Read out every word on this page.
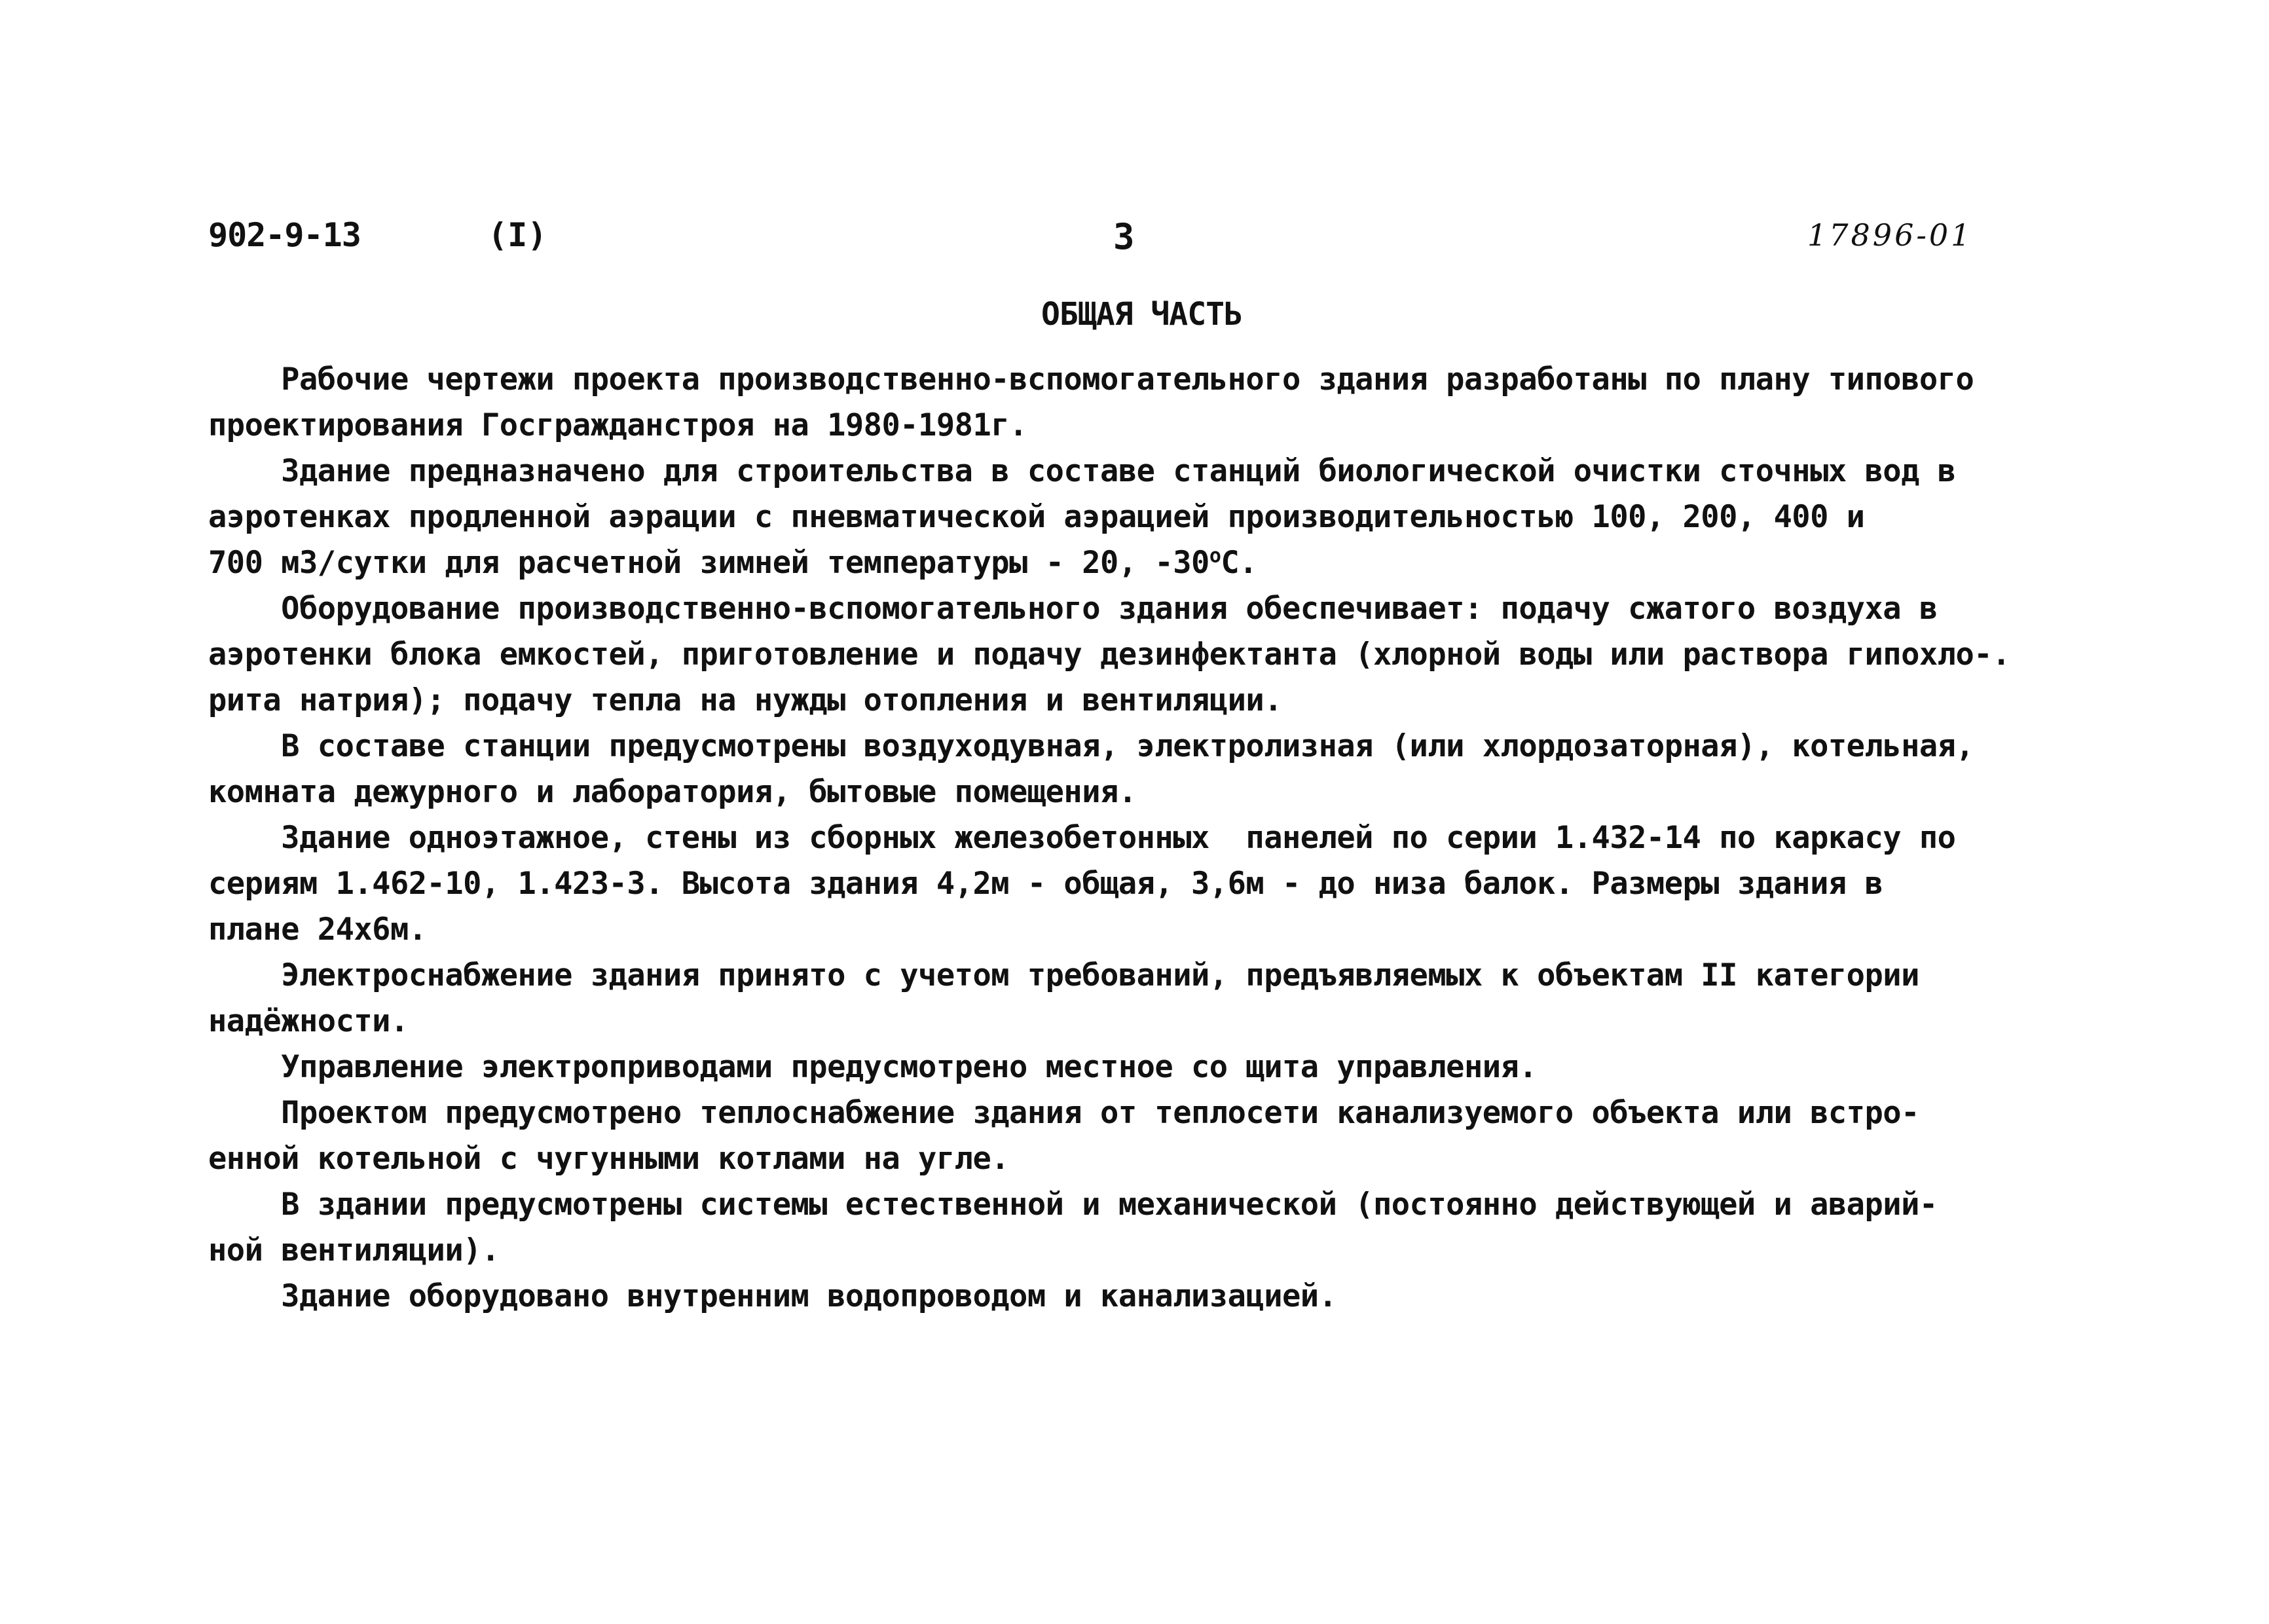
902-9-13	(I)	3	17896-01
ОБЩАЯ ЧАСТЬ
Рабочие чертежи проекта производственно-вспомогательного здания разработаны по плану типового
проектирования Госгражданстроя на 1980-1981г.
Здание предназначено для строительства в составе станций биологической очистки сточных вод в
аэротенках продленной аэрации с пневматической аэрацией производительностью 100, 200, 400 и
700 м3/сутки для расчетной зимней температуры - 20, $-30^оС$.
Оборудование производственно-вспомогательного здания обеспечивает: подачу сжатого воздуха в
аэротенки блока емкостей, приготовление и подачу дезинфектанта (хлорной воды или раствора гипохло-.
рита натрия); подачу тепла на нужды отопления и вентиляции.
В составе станции предусмотрены воздуходувная, электролизная (или хлордозаторная), котельная,
комната дежурного и лаборатория, бытовые помещения.
Здание одноэтажное, стены из сборных железобетонных  панелей по серии 1.432-14 по каркасу по
сериям 1.462-10, 1.423-3. Высота здания 4,2м - общая, 3,6м - до низа балок. Размеры здания в
плане 24х6м.
Электроснабжение здания принято с учетом требований, предъявляемых к объектам II категории
надёжности.
Управление электроприводами предусмотрено местное со щита управления.
Проектом предусмотрено теплоснабжение здания от теплосети канализуемого объекта или встро-
енной котельной с чугунными котлами на угле.
В здании предусмотрены системы естественной и механической (постоянно действующей и аварий-
ной вентиляции).
Здание оборудовано внутренним водопроводом и канализацией.
